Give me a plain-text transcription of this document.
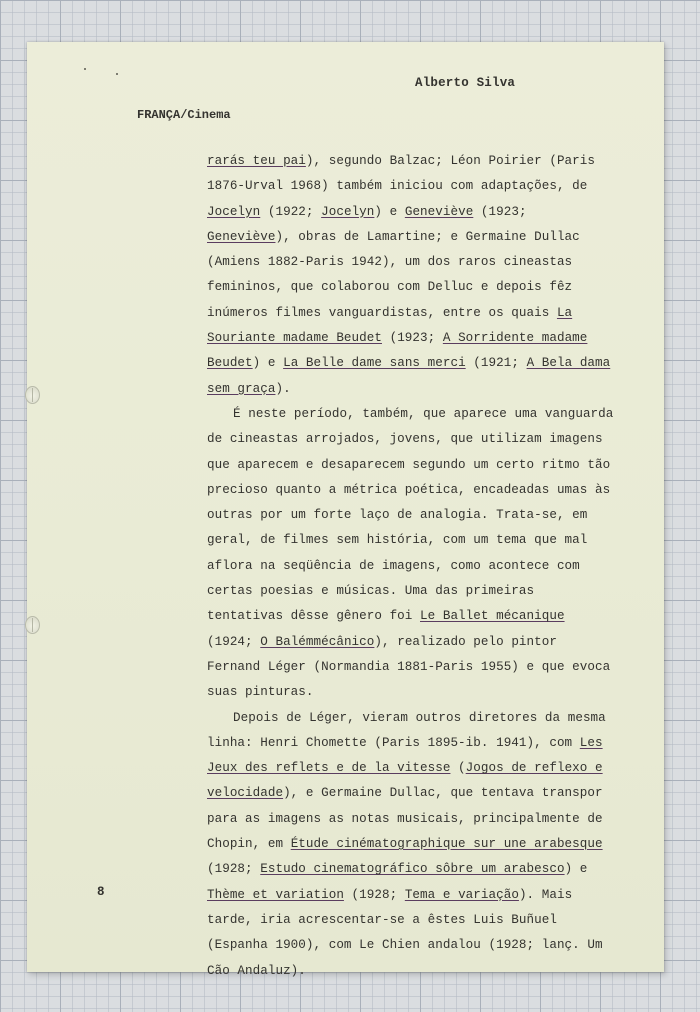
Alberto Silva
FRANÇA/Cinema

rarás teu pai), segundo Balzac; Léon Poirier (Paris 1876-Urval 1968) também iniciou com adaptações, de Jocelyn (1922; Jocelyn) e Geneviève (1923; Geneviève), obras de Lamartine; e Germaine Dullac (Amiens 1882-Paris 1942), um dos raros cineastas femininos, que colaborou com Delluc e depois fêz inúmeros filmes vanguardistas, entre os quais La Souriante madame Beudet (1923; A Sorridente madame Beudet) e La Belle dame sans merci (1921; A Bela dama sem graça).

É neste período, também, que aparece uma vanguarda de cineastas arrojados, jovens, que utilizam imagens que aparecem e desaparecem segundo um certo ritmo tão precioso quanto a métrica poética, encadeadas umas às outras por um forte laço de analogia. Trata-se, em geral, de filmes sem história, com um tema que mal aflora na seqüência de imagens, como acontece com certas poesias e músicas. Uma das primeiras tentativas dêsse gênero foi Le Ballet mécanique (1924; O Balémmécânico), realizado pelo pintor Fernand Léger (Normandia 1881-Paris 1955) e que evoca suas pinturas.

Depois de Léger, vieram outros diretores da mesma linha: Henri Chomette (Paris 1895-ib. 1941), com Les Jeux des reflets e de la vitesse (Jogos de reflexo e velocidade), e Germaine Dullac, que tentava transpor para as imagens as notas musicais, principalmente de Chopin, em Étude cinématographique sur une arabesque (1928; Estudo cinematográfico sôbre um arabesco) e Thème et variation (1928; Tema e variação). Mais tarde, iria acrescentar-se a êstes Luis Buñuel (Espanha 1900), com Le Chien andalou (1928; lanç. Um Cão Andaluz).

8
